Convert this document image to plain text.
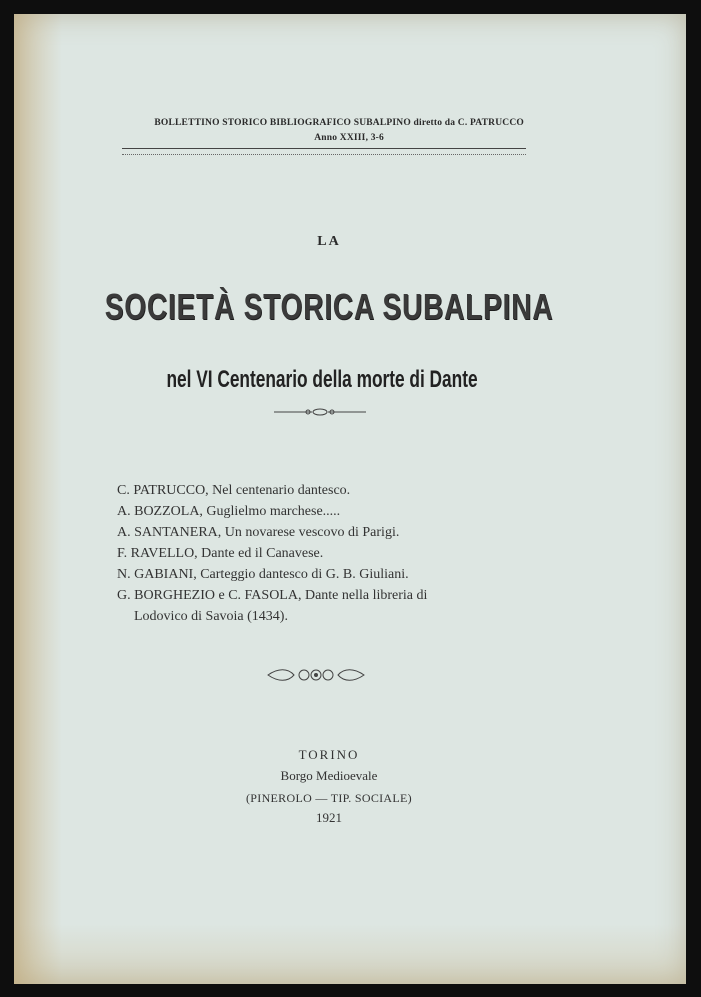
BOLLETTINO STORICO BIBLIOGRAFICO SUBALPINO diretto da C. PATRUCCO
Anno XXIII, 3-6
LA
SOCIETÀ STORICA SUBALPINA
nel VI Centenario della morte di Dante
C. PATRUCCO, Nel centenario dantesco.
A. BOZZOLA, Guglielmo marchese.....
A. SANTANERA, Un novarese vescovo di Parigi.
F. RAVELLO, Dante ed il Canavese.
N. GABIANI, Carteggio dantesco di G. B. Giuliani.
G. BORGHEZIO e C. FASOLA, Dante nella libreria di
Lodovico di Savoia (1434).
TORINO
Borgo Medioevale
(PINEROLO — TIP. SOCIALE)
1921
